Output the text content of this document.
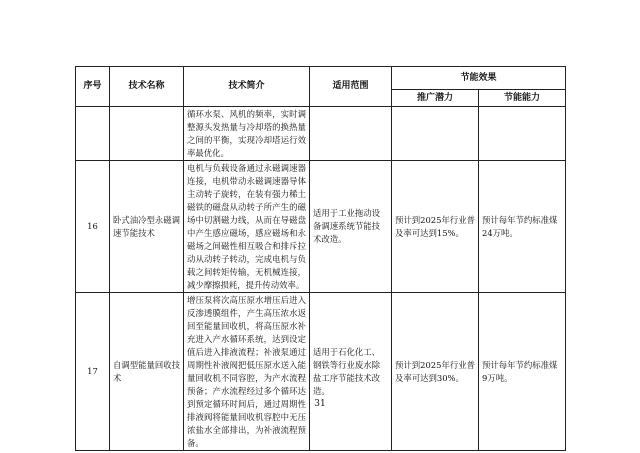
序号	技术名称	技术简介	适用范围	节能效果	
				推广潜力	节能能力
		循环水泵、风机的频率，实时调整源头发热量与冷却塔的换热量之间的平衡，实现冷却塔运行效率最优化。			
16	卧式油冷型永磁调速节能技术	电机与负载设备通过永磁调速器连接，电机带动永磁调速器导体主动转子旋转，在装有强力稀土磁铁的磁盘从动转子所产生的磁场中切割磁力线，从而在导磁盘中产生感应磁场，感应磁场和永磁场之间磁性相互吸合和排斥拉动从动转子转动，完成电机与负载之间转矩传输，无机械连接，减少摩擦损耗，提升传动效率。	适用于工业拖动设备调速系统节能技术改造。	预计到2025年行业普及率可达到15%。	预计每年节约标准煤 24万吨。
17	自调型能量回收技术	增压泵将次高压原水增压后进入反渗透膜组件，产生高压浓水返回至能量回收机，将高压原水补充进入产水循环系统，达到设定值后进入排液流程；补液泵通过周期性补液阀把低压原水送入能量回收机不同容腔，为产水流程预备；产水流程经过多个循环达到预定循环时间后，通过周期性排液阀将能量回收机容腔中无压浓盐水全部排出，为补液流程预备。	适用于石化化工、钢铁等行业废水除盐工序节能技术改造。	预计到2025年行业普及率可达到30%。	预计每年节约标准煤 9万吨。
31
